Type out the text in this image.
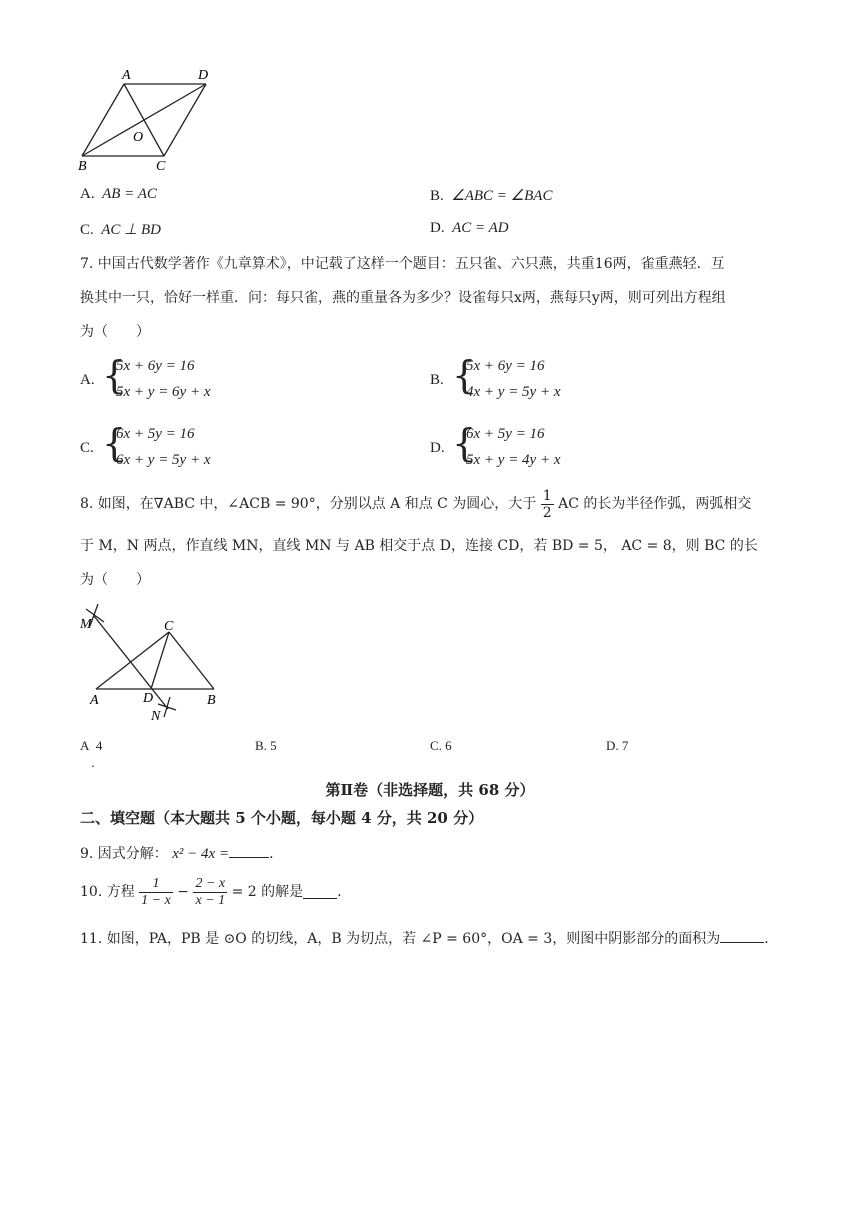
A	D
O
B	C
A. AB = AC	B. ∠ABC = ∠BAC
C. AC ⊥ BD	D. AC = AD
7. 中国古代数学著作《九章算术》，中记载了这样一个题目：五只雀、六只燕，共重16两，雀重燕轻．互
换其中一只，恰好一样重．问：每只雀，燕的重量各为多少？设雀每只x两，燕每只y两，则可列出方程组
为（　　）
A. {
5x + 6y = 16
5x + y = 6y + x
B. {
5x + 6y = 16
4x + y = 5y + x
C. {
6x + 5y = 16
6x + y = 5y + x
D. {
6x + 5y = 16
5x + y = 4y + x
8. 如图，在∇ABC 中，∠ACB = 90°，分别以点 A 和点 C 为圆心，大于 $\frac{1}{2}$ AC 的长为半径作弧，两弧相交
于 M，N 两点，作直线 MN，直线 MN 与 AB 相交于点 D，连接 CD，若 BD = 5， AC = 8，则 BC 的长
为（　　）
M	C
A	D	B
N
A 4
.
B. 5	C. 6	D. 7
第Ⅱ卷（非选择题，共 68 分）
二、填空题（本大题共 5 个小题，每小题 4 分，共 20 分）
9. 因式分解： x² − 4x =	.
10. 方程 $\frac{1}{1 - x} - \frac{2 - x}{x - 1} = 2$ 的解是 .
11. 如图，PA，PB 是 ⊙O 的切线，A，B 为切点，若 ∠P = 60°，OA = 3，则图中阴影部分的面积为	.
